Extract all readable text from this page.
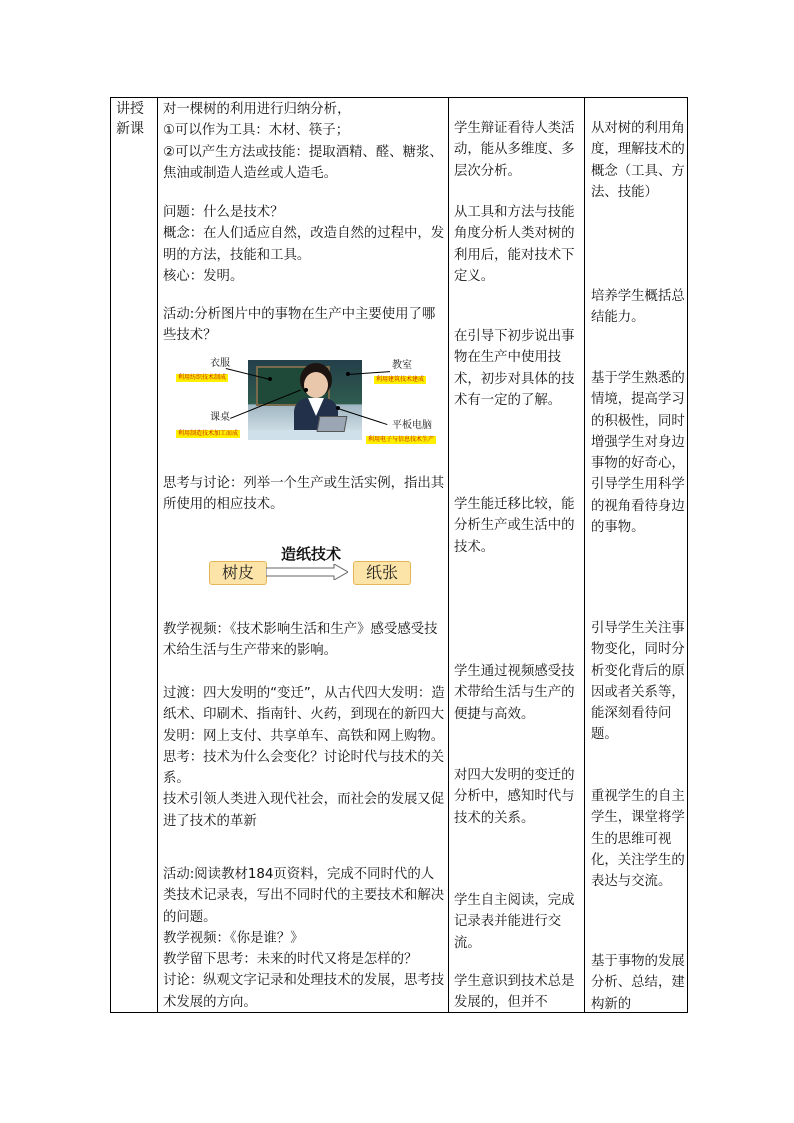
讲授
新课

对一棵树的利用进行归纳分析，
①可以作为工具：木材、筷子；
②可以产生方法或技能：提取酒精、醛、糖浆、焦油或制造人造丝或人造毛。

问题：什么是技术？
概念：在人们适应自然，改造自然的过程中，发明的方法，技能和工具。
核心：发明。

活动:分析图片中的事物在生产中主要使用了哪些技术？

衣服
利用纺织技术制成
教室
利用建筑技术建成
课桌
利用制造技术加工而成
平板电脑
利用电子与信息技术生产

思考与讨论：列举一个生产或生活实例，指出其所使用的相应技术。

造纸技术
树皮	纸张

教学视频：《技术影响生活和生产》感受感受技术给生活与生产带来的影响。

过渡：四大发明的“变迁”，从古代四大发明：造纸术、印刷术、指南针、火药，到现在的新四大发明：网上支付、共享单车、高铁和网上购物。
思考：技术为什么会变化？讨论时代与技术的关系。
技术引领人类进入现代社会，而社会的发展又促进了技术的革新

活动:阅读教材184页资料，完成不同时代的人类技术记录表，写出不同时代的主要技术和解决的问题。
教学视频：《你是谁？》
教学留下思考：未来的时代又将是怎样的？
讨论：纵观文字记录和处理技术的发展，思考技术发展的方向。

学生辩证看待人类活动，能从多维度、多层次分析。

从工具和方法与技能角度分析人类对树的利用后，能对技术下定义。

在引导下初步说出事物在生产中使用技术，初步对具体的技术有一定的了解。

学生能迁移比较，能分析生产或生活中的技术。

学生通过视频感受技术带给生活与生产的便捷与高效。

对四大发明的变迁的分析中，感知时代与技术的关系。

学生自主阅读，完成记录表并能进行交流。

学生意识到技术总是发展的，但并不

从对树的利用角度，理解技术的概念（工具、方法、技能）

培养学生概括总结能力。

基于学生熟悉的情境，提高学习的积极性，同时
增强学生对身边事物的好奇心，引导学生用科学的视角看待身边的事物。

引导学生关注事物变化，同时分析变化背后的原因或者关系等，能深刻看待问题。

重视学生的自主学生，课堂将学生的思维可视化，关注学生的表达与交流。

基于事物的发展分析、总结，建构新的
